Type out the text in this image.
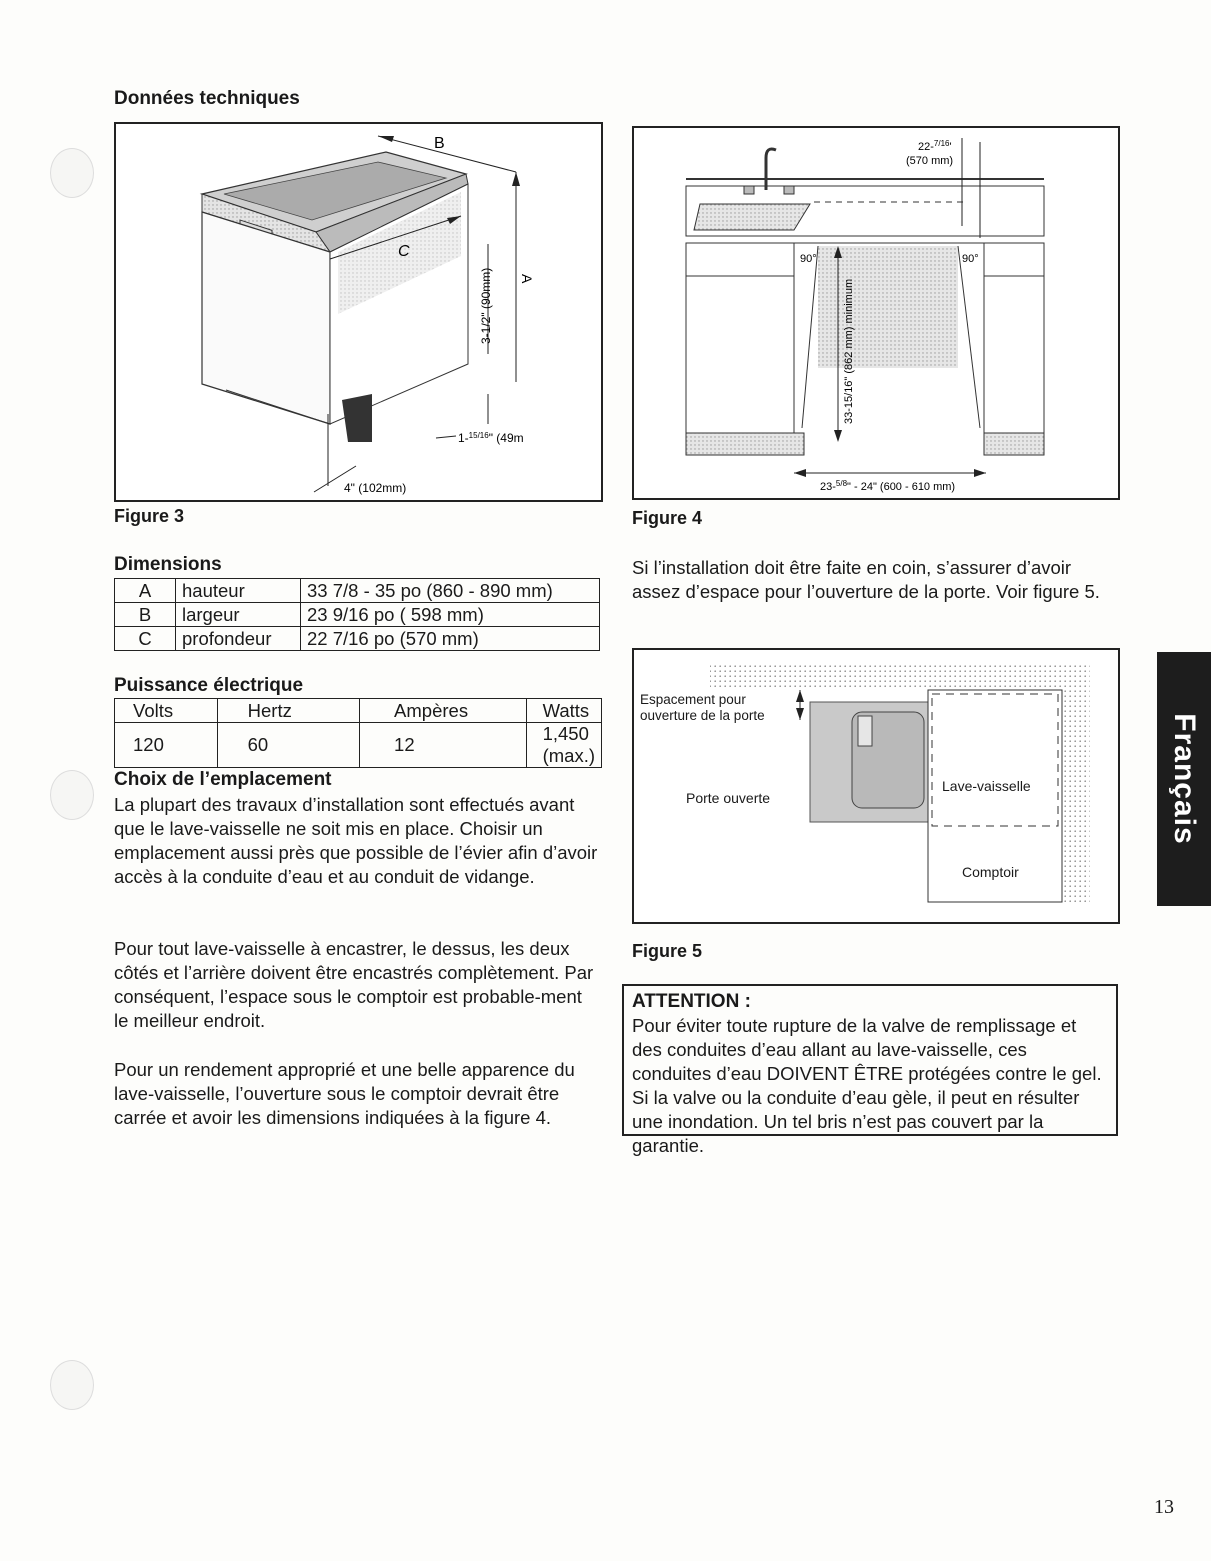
Données techniques
B
A
C
3-1/2" (90mm)
1-$^{15/16}$" (49m
4" (102mm)
Figure 3
90°	90°
33-15/16" (862 mm) minimum
22-$^{7/16}$'
(570 mm)
23-$^{5/8}$" - 24" (600 - 610 mm)
Figure 4
Dimensions
A	hauteur	33 7/8 - 35 po (860 - 890 mm)
B	largeur	23 9/16 po ( 598 mm)
C	profondeur	22 7/16 po (570 mm)
Puissance électrique
Volts	Hertz	Ampères	Watts
120	60	12	1,450 (max.)
Choix de l’emplacement
La plupart des travaux d’installation sont effectués avant que le lave-vaisselle ne soit mis en place. Choisir un emplacement aussi près que possible de l’évier afin d’avoir accès à la conduite d’eau et au conduit de vidange.
Pour tout lave-vaisselle à encastrer, le dessus, les deux côtés et l’arrière doivent être encastrés complètement. Par conséquent, l’espace sous le comptoir est probable-ment le meilleur endroit.
Pour un rendement approprié et une belle apparence du lave-vaisselle, l’ouverture sous le comptoir devrait être carrée et avoir les dimensions indiquées à la figure 4.
Si l’installation doit être faite en coin, s’assurer d’avoir assez d’espace pour l’ouverture de la porte. Voir figure 5.
Espacement pour
ouverture de la porte
Porte ouverte
Lave-vaisselle
Comptoir
Figure 5
ATTENTION :
Pour éviter toute rupture de la valve de remplissage et des conduites d’eau allant au lave-vaisselle, ces conduites d’eau DOIVENT ÊTRE protégées contre le gel. Si la valve ou la conduite d’eau gèle, il peut en résulter une inondation. Un tel bris n’est pas couvert par la garantie.
Français
13
